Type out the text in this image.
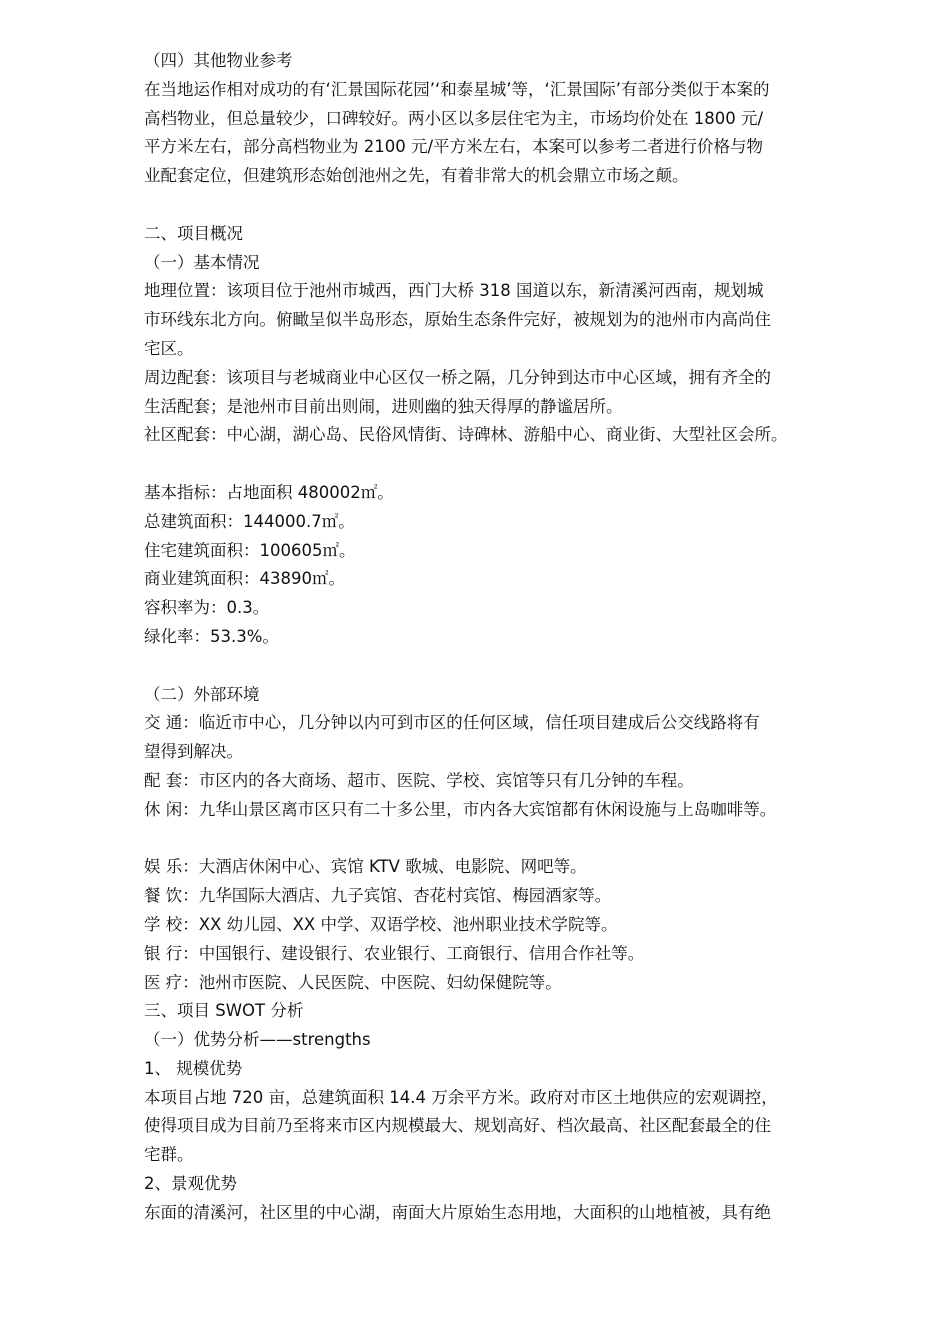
（四）其他物业参考
在当地运作相对成功的有‘汇景国际花园’‘和泰星城’等，‘汇景国际’有部分类似于本案的
高档物业，但总量较少，口碑较好。两小区以多层住宅为主，市场均价处在 1800 元/
平方米左右，部分高档物业为 2100 元/平方米左右，本案可以参考二者进行价格与物
业配套定位，但建筑形态始创池州之先，有着非常大的机会鼎立市场之颠。
二、项目概况
（一）基本情况
地理位置：该项目位于池州市城西，西门大桥 318 国道以东，新清溪河西南，规划城
市环线东北方向。俯瞰呈似半岛形态，原始生态条件完好，被规划为的池州市内高尚住
宅区。
周边配套：该项目与老城商业中心区仅一桥之隔，几分钟到达市中心区域，拥有齐全的
生活配套；是池州市目前出则闹，进则幽的独天得厚的静谧居所。
社区配套：中心湖，湖心岛、民俗风情街、诗碑林、游船中心、商业街、大型社区会所。
基本指标：占地面积 480002㎡。
总建筑面积：144000.7㎡。
住宅建筑面积：100605㎡。
商业建筑面积：43890㎡。
容积率为：0.3。
绿化率：53.3%。
（二）外部环境
交 通：临近市中心，几分钟以内可到市区的任何区域，信任项目建成后公交线路将有
望得到解决。
配 套：市区内的各大商场、超市、医院、学校、宾馆等只有几分钟的车程。
休 闲：九华山景区离市区只有二十多公里，市内各大宾馆都有休闲设施与上岛咖啡等。
娱 乐：大酒店休闲中心、宾馆 KTV 歌城、电影院、网吧等。
餐 饮：九华国际大酒店、九子宾馆、杏花村宾馆、梅园酒家等。
学 校：XX 幼儿园、XX 中学、双语学校、池州职业技术学院等。
银 行：中国银行、建设银行、农业银行、工商银行、信用合作社等。
医 疗：池州市医院、人民医院、中医院、妇幼保健院等。
三、项目 SWOT 分析
（一）优势分析——strengths
1、 规模优势
本项目占地 720 亩，总建筑面积 14.4 万余平方米。政府对市区土地供应的宏观调控，
使得项目成为目前乃至将来市区内规模最大、规划高好、档次最高、社区配套最全的住
宅群。
2、景观优势
东面的清溪河，社区里的中心湖，南面大片原始生态用地，大面积的山地植被，具有绝
